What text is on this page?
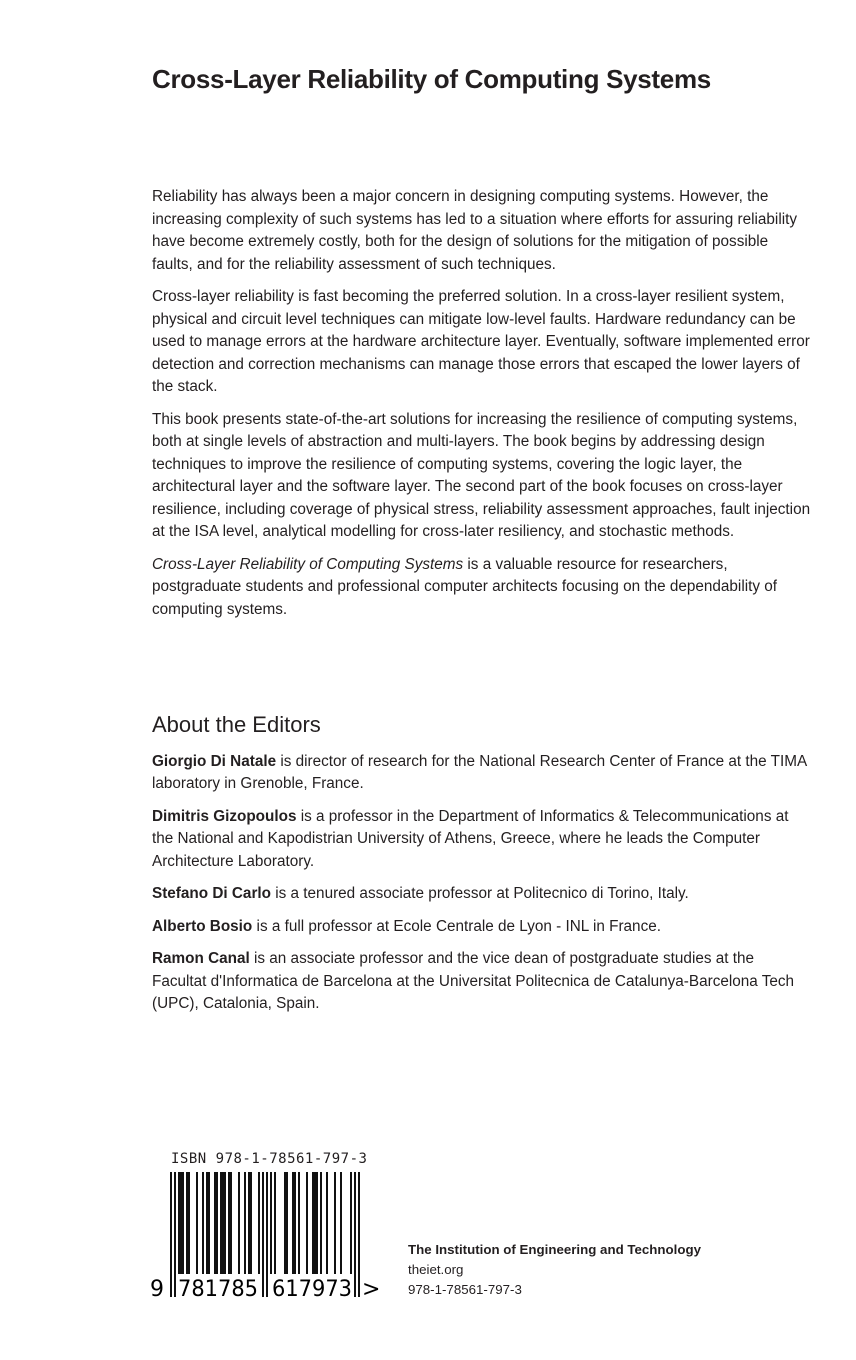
Cross-Layer Reliability of Computing Systems

Reliability has always been a major concern in designing computing systems. However, the increasing complexity of such systems has led to a situation where efforts for assuring reliability have become extremely costly, both for the design of solutions for the mitigation of possible faults, and for the reliability assessment of such techniques.

Cross-layer reliability is fast becoming the preferred solution. In a cross-layer resilient system, physical and circuit level techniques can mitigate low-level faults. Hardware redundancy can be used to manage errors at the hardware architecture layer. Eventually, software implemented error detection and correction mechanisms can manage those errors that escaped the lower layers of the stack.

This book presents state-of-the-art solutions for increasing the resilience of computing systems, both at single levels of abstraction and multi-layers. The book begins by addressing design techniques to improve the resilience of computing systems, covering the logic layer, the architectural layer and the software layer. The second part of the book focuses on cross-layer resilience, including coverage of physical stress, reliability assessment approaches, fault injection at the ISA level, analytical modelling for cross-later resiliency, and stochastic methods.

Cross-Layer Reliability of Computing Systems is a valuable resource for researchers, postgraduate students and professional computer architects focusing on the dependability of computing systems.

About the Editors

Giorgio Di Natale is director of research for the National Research Center of France at the TIMA laboratory in Grenoble, France.

Dimitris Gizopoulos is a professor in the Department of Informatics & Telecommunications at the National and Kapodistrian University of Athens, Greece, where he leads the Computer Architecture Laboratory.

Stefano Di Carlo is a tenured associate professor at Politecnico di Torino, Italy.

Alberto Bosio is a full professor at Ecole Centrale de Lyon - INL in France.

Ramon Canal is an associate professor and the vice dean of postgraduate studies at the Facultat d'Informatica de Barcelona at the Universitat Politecnica de Catalunya-Barcelona Tech (UPC), Catalonia, Spain.

ISBN 978-1-78561-797-3
9 781785 617973 >
The Institution of Engineering and Technology
theiet.org
978-1-78561-797-3
